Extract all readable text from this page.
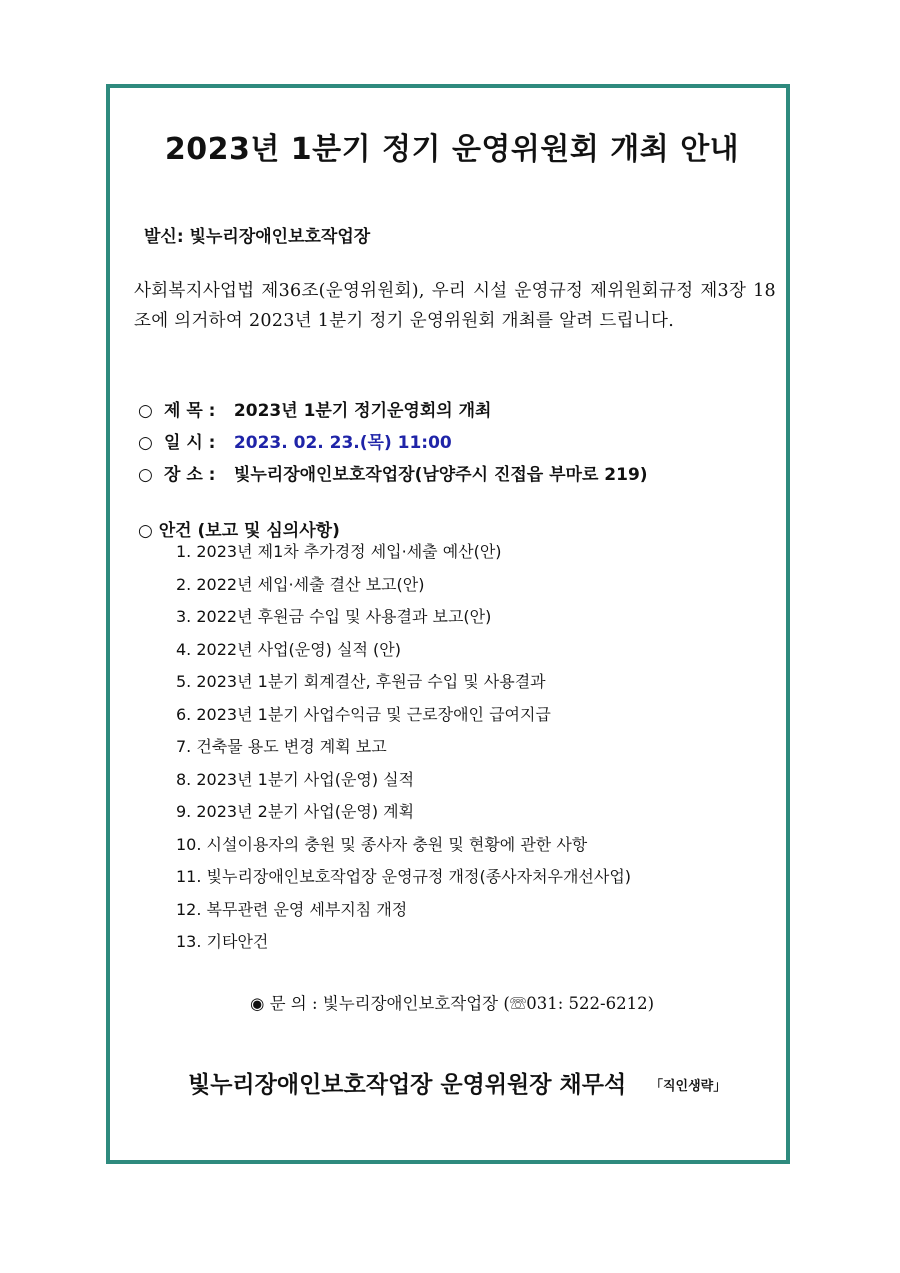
2023년 1분기 정기 운영위원회 개최 안내
발신: 빛누리장애인보호작업장
사회복지사업법 제36조(운영위원회), 우리 시설 운영규정 제위원회규정 제3장 18조에 의거하여 2023년 1분기 정기 운영위원회 개최를 알려 드립니다.
○ 제 목 : 2023년 1분기 정기운영회의 개최
○ 일 시 : 2023. 02. 23.(목) 11:00
○ 장 소 : 빛누리장애인보호작업장(남양주시 진접읍 부마로 219)
○ 안건 (보고 및 심의사항)
1. 2023년 제1차 추가경정 세입·세출 예산(안)
2. 2022년 세입·세출 결산 보고(안)
3. 2022년 후원금 수입 및 사용결과 보고(안)
4. 2022년 사업(운영) 실적 (안)
5. 2023년 1분기 회계결산, 후원금 수입 및 사용결과
6. 2023년 1분기 사업수익금 및 근로장애인 급여지급
7. 건축물 용도 변경 계획 보고
8. 2023년 1분기 사업(운영) 실적
9. 2023년 2분기 사업(운영) 계획
10. 시설이용자의 충원 및 종사자 충원 및 현황에 관한 사항
11. 빛누리장애인보호작업장 운영규정 개정(종사자처우개선사업)
12. 복무관련 운영 세부지침 개정
13. 기타안건
◉ 문 의 : 빛누리장애인보호작업장 (☏031: 522-6212)
빛누리장애인보호작업장 운영위원장 채무석 「직인생략」
